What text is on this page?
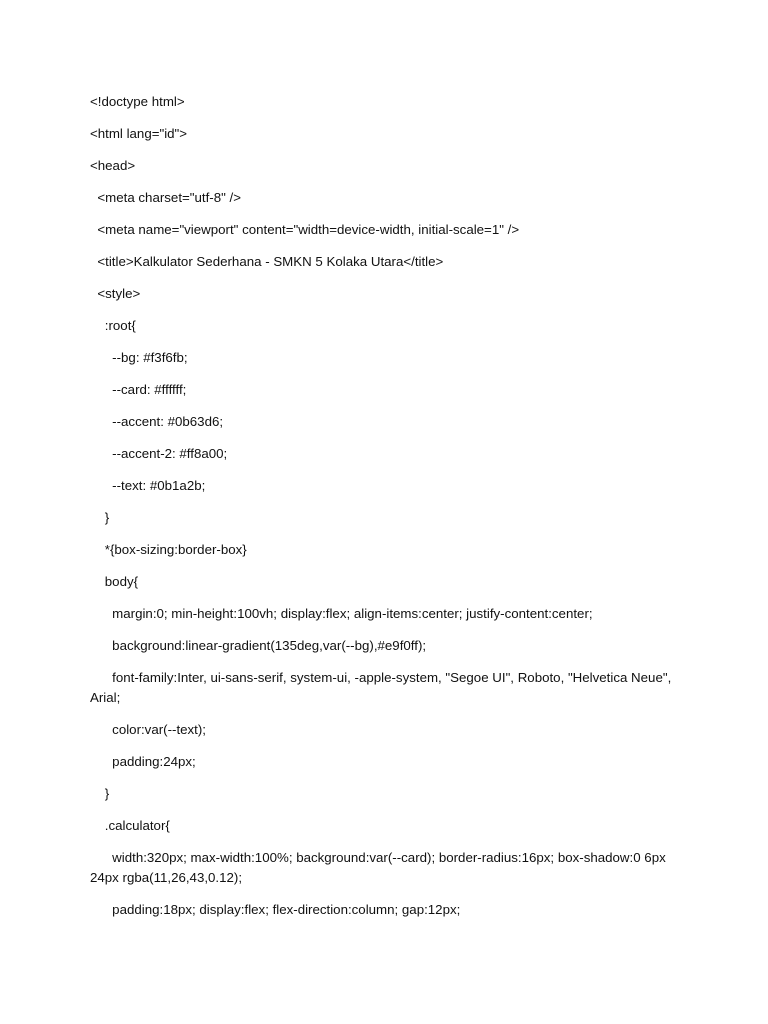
<!doctype html>
<html lang="id">
<head>
<meta charset="utf-8" />
<meta name="viewport" content="width=device-width, initial-scale=1" />
<title>Kalkulator Sederhana - SMKN 5 Kolaka Utara</title>
<style>
:root{
--bg: #f3f6fb;
--card: #ffffff;
--accent: #0b63d6;
--accent-2: #ff8a00;
--text: #0b1a2b;
}
*{box-sizing:border-box}
body{
margin:0; min-height:100vh; display:flex; align-items:center; justify-content:center;
background:linear-gradient(135deg,var(--bg),#e9f0ff);
font-family:Inter, ui-sans-serif, system-ui, -apple-system, "Segoe UI", Roboto, "Helvetica Neue", Arial;
color:var(--text);
padding:24px;
}
.calculator{
width:320px; max-width:100%; background:var(--card); border-radius:16px; box-shadow:0 6px 24px rgba(11,26,43,0.12);
padding:18px; display:flex; flex-direction:column; gap:12px;
